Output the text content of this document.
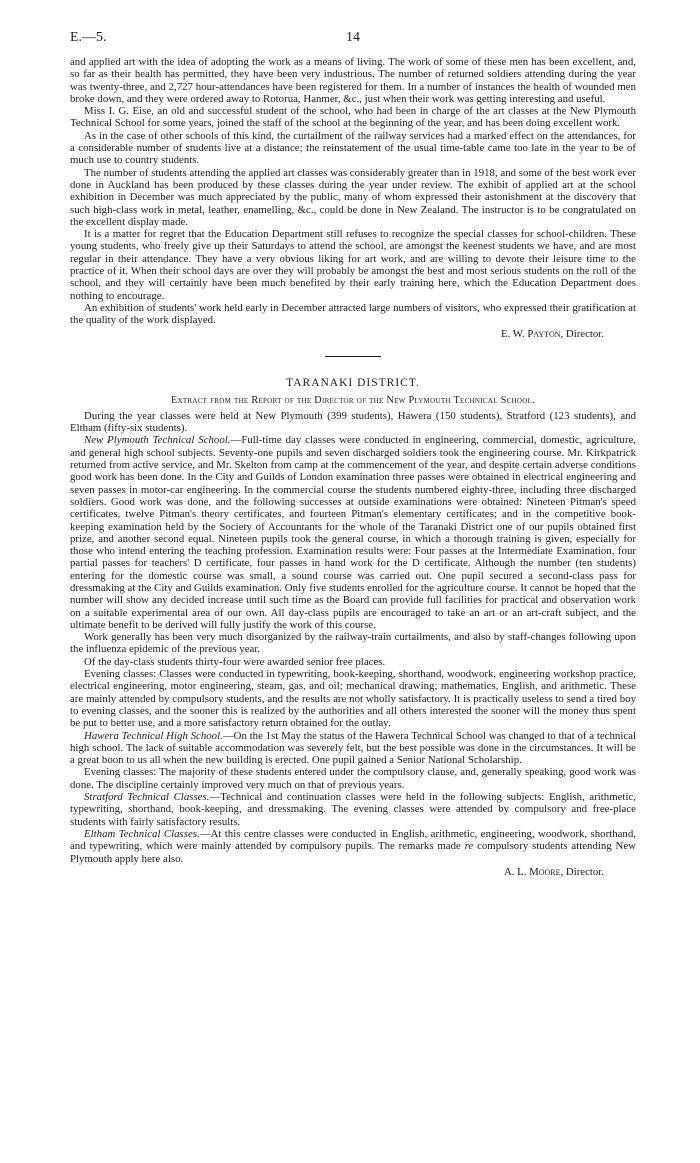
E.—5.	14

and applied art with the idea of adopting the work as a means of living. The work of some of these men has been excellent, and, so far as their health has permitted, they have been very industrious. The number of returned soldiers attending during the year was twenty-three, and 2,727 hour-attendances have been registered for them. In a number of instances the health of wounded men broke down, and they were ordered away to Rotorua, Hanmer, &c., just when their work was getting interesting and useful.

Miss I. G. Eise, an old and successful student of the school, who had been in charge of the art classes at the New Plymouth Technical School for some years, joined the staff of the school at the beginning of the year, and has been doing excellent work.

As in the case of other schools of this kind, the curtailment of the railway services had a marked effect on the attendances, for a considerable number of students live at a distance; the reinstatement of the usual time-table came too late in the year to be of much use to country students.

The number of students attending the applied art classes was considerably greater than in 1918, and some of the best work ever done in Auckland has been produced by these classes during the year under review. The exhibit of applied art at the school exhibition in December was much appreciated by the public, many of whom expressed their astonishment at the discovery that such high-class work in metal, leather, enamelling, &c., could be done in New Zealand. The instructor is to be congratulated on the excellent display made.

It is a matter for regret that the Education Department still refuses to recognize the special classes for school-children. These young students, who freely give up their Saturdays to attend the school, are amongst the keenest students we have, and are most regular in their attendance. They have a very obvious liking for art work, and are willing to devote their leisure time to the practice of it. When their school days are over they will probably be amongst the best and most serious students on the roll of the school, and they will certainly have been much benefited by their early training here, which the Education Department does nothing to encourage.

An exhibition of students' work held early in December attracted large numbers of visitors, who expressed their gratification at the quality of the work displayed.

E. W. Payton, Director.
TARANAKI DISTRICT.
Extract from the Report of the Director of the New Plymouth Technical School.

During the year classes were held at New Plymouth (399 students), Hawera (150 students), Stratford (123 students), and Eltham (fifty-six students).

New Plymouth Technical School.—Full-time day classes were conducted in engineering, commercial, domestic, agriculture, and general high school subjects. Seventy-one pupils and seven discharged soldiers took the engineering course. Mr. Kirkpatrick returned from active service, and Mr. Skelton from camp at the commencement of the year, and despite certain adverse conditions good work has been done. In the City and Guilds of London examination three passes were obtained in electrical engineering and seven passes in motor-car engineering. In the commercial course the students numbered eighty-three, including three discharged soldiers. Good work was done, and the following successes at outside examinations were obtained: Nineteen Pitman's speed certificates, twelve Pitman's theory certificates, and fourteen Pitman's elementary certificates; and in the competitive book-keeping examination held by the Society of Accountants for the whole of the Taranaki District one of our pupils obtained first prize, and another second equal. Nineteen pupils took the general course, in which a thorough training is given, especially for those who intend entering the teaching profession. Examination results were: Four passes at the Intermediate Examination, four partial passes for teachers' D certificate, four passes in hand work for the D certificate. Although the number (ten students) entering for the domestic course was small, a sound course was carried out. One pupil secured a second-class pass for dressmaking at the City and Guilds examination. Only five students enrolled for the agriculture course. It cannot be hoped that the number will show any decided increase until such time as the Board can provide full facilities for practical and observation work on a suitable experimental area of our own. All day-class pupils are encouraged to take an art or an art-craft subject, and the ultimate benefit to be derived will fully justify the work of this course.

Work generally has been very much disorganized by the railway-train curtailments, and also by staff-changes following upon the influenza epidemic of the previous year.

Of the day-class students thirty-four were awarded senior free places.

Evening classes: Classes were conducted in typewriting, book-keeping, shorthand, woodwork, engineering workshop practice, electrical engineering, motor engineering, steam, gas, and oil; mechanical drawing; mathematics, English, and arithmetic. These are mainly attended by compulsory students, and the results are not wholly satisfactory. It is practically useless to send a tired boy to evening classes, and the sooner this is realized by the authorities and all others interested the sooner will the money thus spent be put to better use, and a more satisfactory return obtained for the outlay.

Hawera Technical High School.—On the 1st May the status of the Hawera Technical School was changed to that of a technical high school. The lack of suitable accommodation was severely felt, but the best possible was done in the circumstances. It will be a great boon to us all when the new building is erected. One pupil gained a Senior National Scholarship.

Evening classes: The majority of these students entered under the compulsory clause, and, generally speaking, good work was done. The discipline certainly improved very much on that of previous years.

Stratford Technical Classes.—Technical and continuation classes were held in the following subjects: English, arithmetic, typewriting, shorthand, book-keeping, and dressmaking. The evening classes were attended by compulsory and free-place students with fairly satisfactory results.

Eltham Technical Classes.—At this centre classes were conducted in English, arithmetic, engineering, woodwork, shorthand, and typewriting, which were mainly attended by compulsory pupils. The remarks made re compulsory students attending New Plymouth apply here also.

A. L. Moore, Director.
